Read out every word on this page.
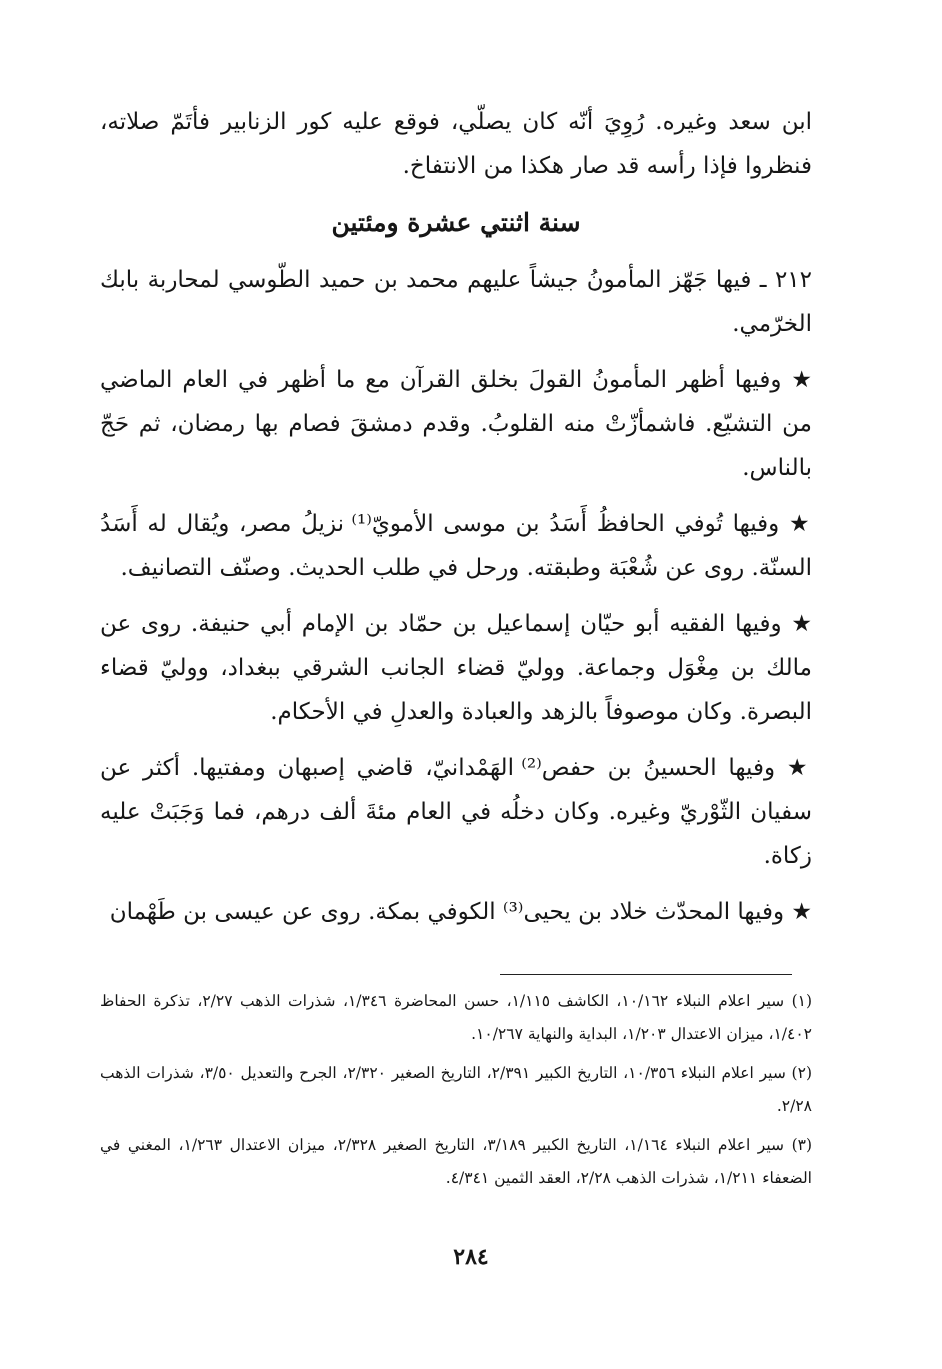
ابن سعد وغيره. رُوِيَ أنّه كان يصلّي، فوقع عليه كور الزنابير فأتَمّ صلاته، فنظروا فإذا رأسه قد صار هكذا من الانتفاخ.

سنة اثنتي عشرة ومئتين

٢١٢ ـ فيها جَهّز المأمونُ جيشاً عليهم محمد بن حميد الطّوسي لمحاربة بابك الخرّمي.

★ وفيها أظهر المأمونُ القولَ بخلق القرآن مع ما أظهر في العام الماضي من التشيّع. فاشمأزّتْ منه القلوبُ. وقدم دمشقَ فصام بها رمضان، ثم حَجّ بالناس.

★ وفيها تُوفي الحافظُ أَسَدُ بن موسى الأمويّ⁽¹⁾ نزيلُ مصر، ويُقال له أَسَدُ السنّة. روى عن شُعْبَة وطبقته. ورحل في طلب الحديث. وصنّف التصانيف.

★ وفيها الفقيه أبو حيّان إسماعيل بن حمّاد بن الإمام أبي حنيفة. روى عن مالك بن مِغْوَل وجماعة. ووليّ قضاء الجانب الشرقي ببغداد، ووليّ قضاء البصرة. وكان موصوفاً بالزهد والعبادة والعدلِ في الأحكام.

★ وفيها الحسينُ بن حفص⁽²⁾ الهَمْدانيّ، قاضي إصبهان ومفتيها. أكثر عن سفيان الثّوْريّ وغيره. وكان دخلُه في العام مئةَ ألف درهم، فما وَجَبَتْ عليه زكاة.

★ وفيها المحدّث خلاد بن يحيى⁽³⁾ الكوفي بمكة. روى عن عيسى بن طَهْمان

(١) سير اعلام النبلاء ١٠/١٦٢، الكاشف ١/١١٥، حسن المحاضرة ١/٣٤٦، شذرات الذهب ٢/٢٧، تذكرة الحفاظ ١/٤٠٢، ميزان الاعتدال ١/٢٠٣، البداية والنهاية ١٠/٢٦٧.

(٢) سير اعلام النبلاء ١٠/٣٥٦، التاريخ الكبير ٢/٣٩١، التاريخ الصغير ٢/٣٢٠، الجرح والتعديل ٣/٥٠، شذرات الذهب ٢/٢٨.

(٣) سير اعلام النبلاء ١/١٦٤، التاريخ الكبير ٣/١٨٩، التاريخ الصغير ٢/٣٢٨، ميزان الاعتدال ١/٢٦٣، المغني في الضعفاء ١/٢١١، شذرات الذهب ٢/٢٨، العقد الثمين ٤/٣٤١.

٢٨٤
